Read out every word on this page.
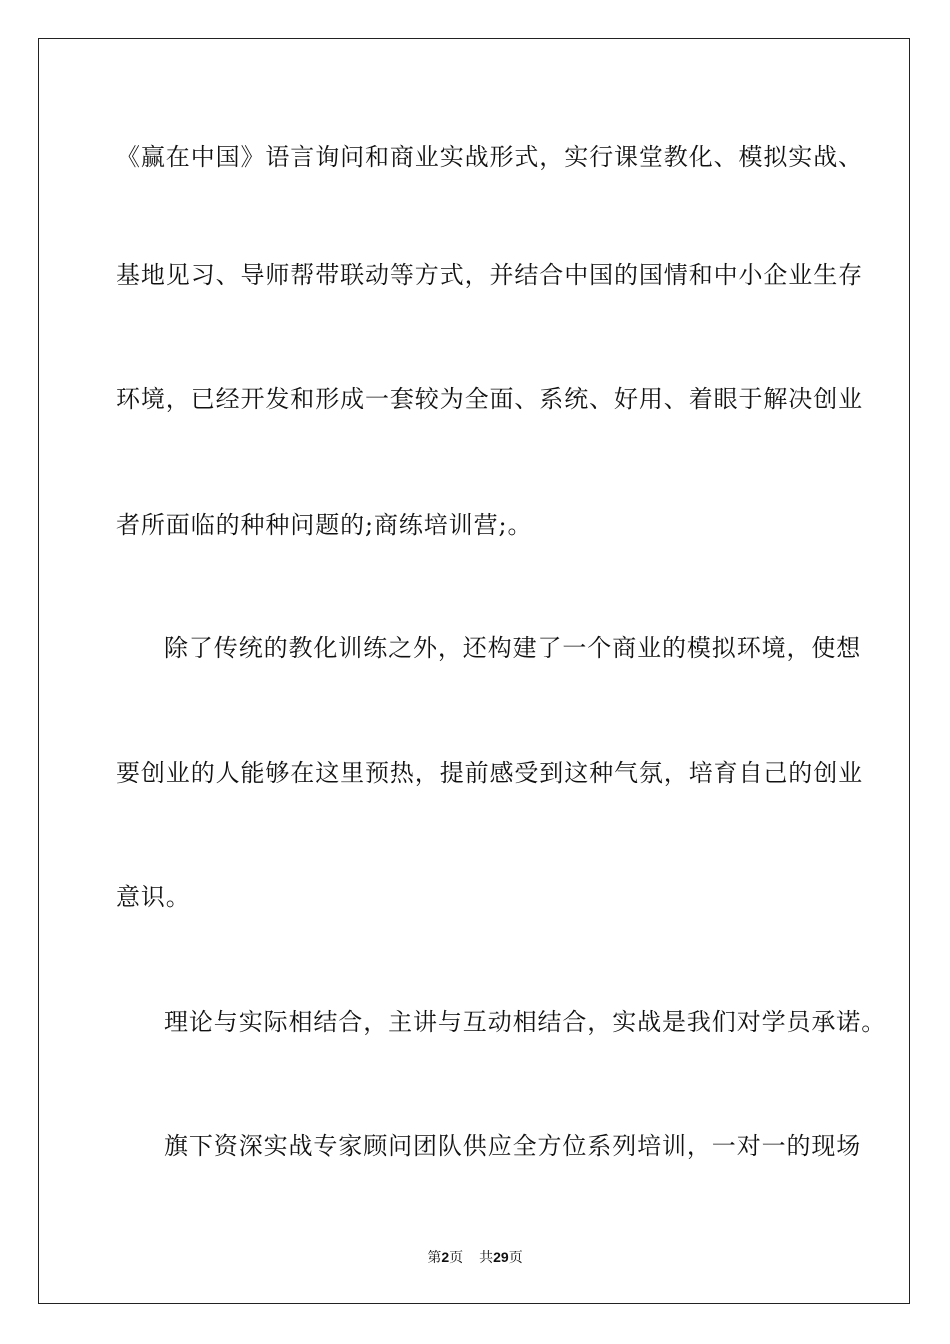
《赢在中国》语言询问和商业实战形式，实行课堂教化、模拟实战、
基地见习、导师帮带联动等方式，并结合中国的国情和中小企业生存
环境，已经开发和形成一套较为全面、系统、好用、着眼于解决创业
者所面临的种种问题的;商练培训营;。
除了传统的教化训练之外，还构建了一个商业的模拟环境，使想
要创业的人能够在这里预热，提前感受到这种气氛，培育自己的创业
意识。
理论与实际相结合，主讲与互动相结合，实战是我们对学员承诺。
旗下资深实战专家顾问团队供应全方位系列培训，一对一的现场
第2页 共29页
